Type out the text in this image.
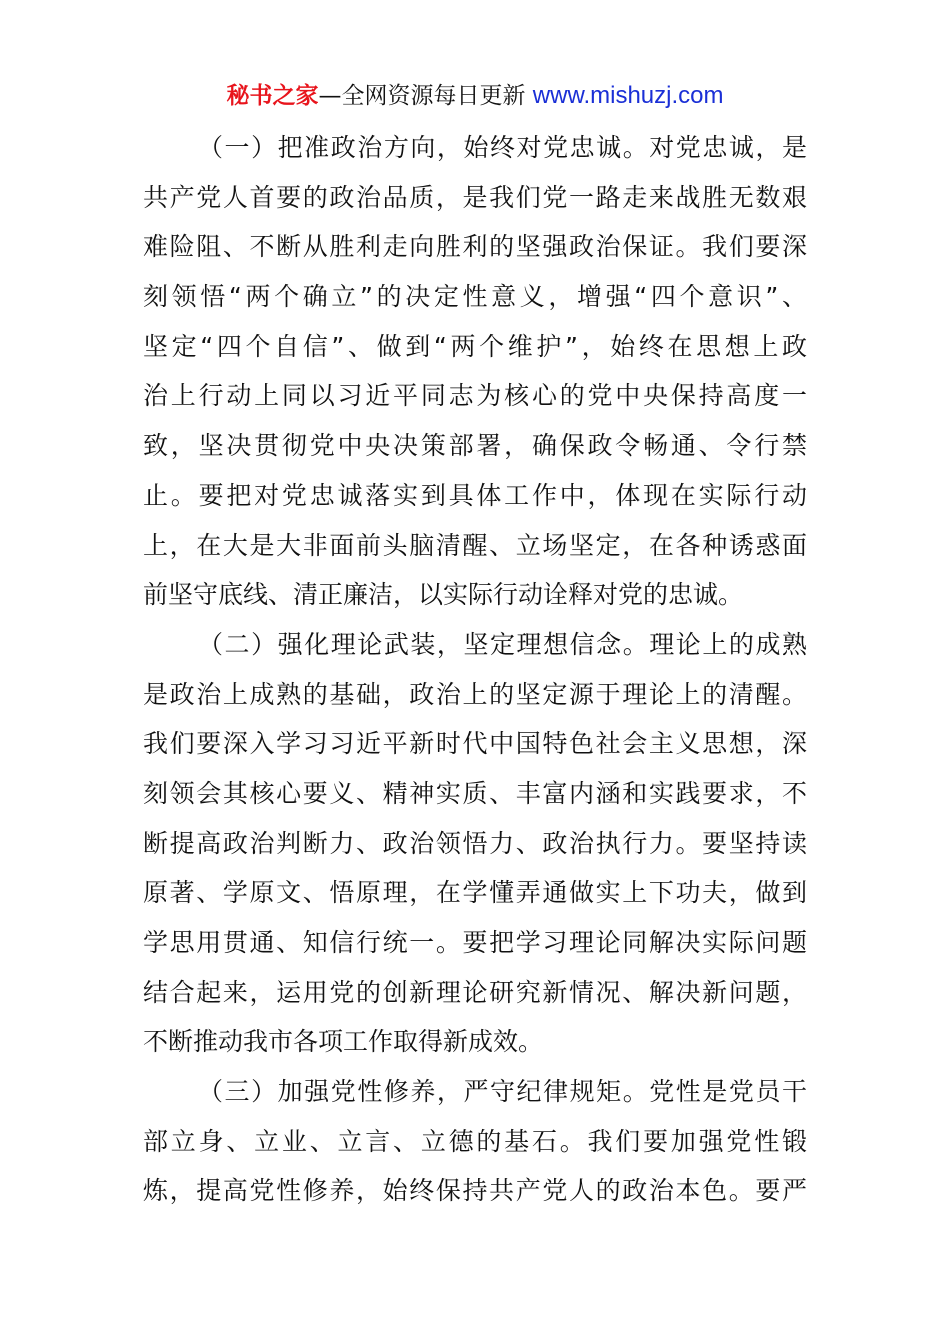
秘书之家—全网资源每日更新 www.mishuzj.com
（一）把准政治方向，始终对党忠诚。对党忠诚，是
共产党人首要的政治品质，是我们党一路走来战胜无数艰
难险阻、不断从胜利走向胜利的坚强政治保证。我们要深
刻领悟“两个确立”的决定性意义，增强“四个意识”、
坚定“四个自信”、做到“两个维护”，始终在思想上政
治上行动上同以习近平同志为核心的党中央保持高度一
致，坚决贯彻党中央决策部署，确保政令畅通、令行禁
止。要把对党忠诚落实到具体工作中，体现在实际行动
上，在大是大非面前头脑清醒、立场坚定，在各种诱惑面
前坚守底线、清正廉洁，以实际行动诠释对党的忠诚。
（二）强化理论武装，坚定理想信念。理论上的成熟
是政治上成熟的基础，政治上的坚定源于理论上的清醒。
我们要深入学习习近平新时代中国特色社会主义思想，深
刻领会其核心要义、精神实质、丰富内涵和实践要求，不
断提高政治判断力、政治领悟力、政治执行力。要坚持读
原著、学原文、悟原理，在学懂弄通做实上下功夫，做到
学思用贯通、知信行统一。要把学习理论同解决实际问题
结合起来，运用党的创新理论研究新情况、解决新问题，
不断推动我市各项工作取得新成效。
（三）加强党性修养，严守纪律规矩。党性是党员干
部立身、立业、立言、立德的基石。我们要加强党性锻
炼，提高党性修养，始终保持共产党人的政治本色。要严
